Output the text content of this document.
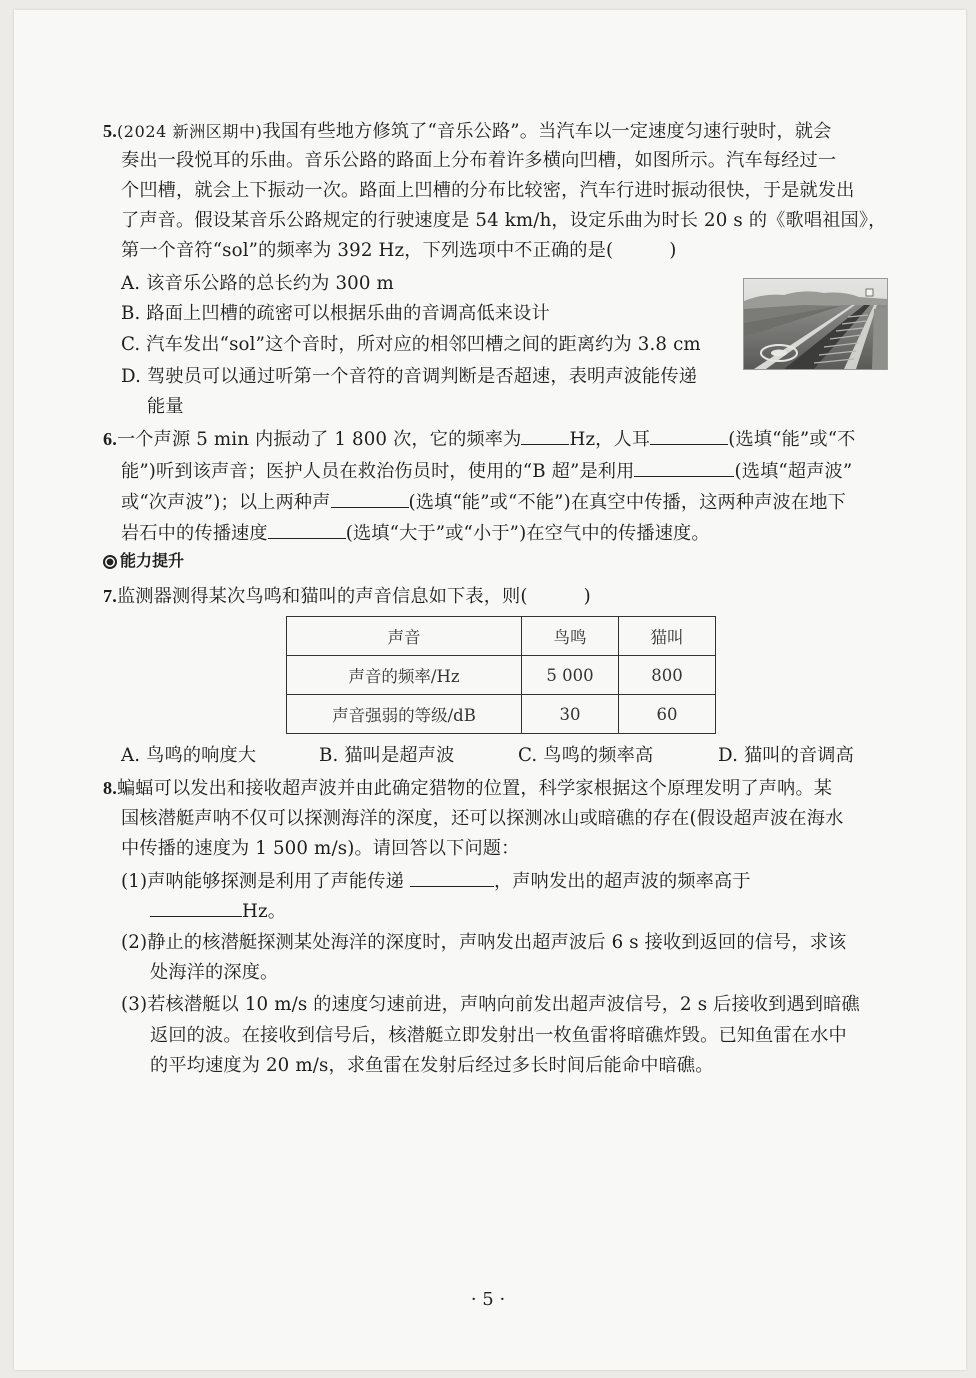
5.(2024 新洲区期中)我国有些地方修筑了“音乐公路”。当汽车以一定速度匀速行驶时，就会
奏出一段悦耳的乐曲。音乐公路的路面上分布着许多横向凹槽，如图所示。汽车每经过一
个凹槽，就会上下振动一次。路面上凹槽的分布比较密，汽车行进时振动很快，于是就发出
了声音。假设某音乐公路规定的行驶速度是 54 km/h，设定乐曲为时长 20 s 的《歌唱祖国》，
第一个音符“sol”的频率为 392 Hz，下列选项中不正确的是(	)
A. 该音乐公路的总长约为 300 m
B. 路面上凹槽的疏密可以根据乐曲的音调高低来设计
C. 汽车发出“sol”这个音时，所对应的相邻凹槽之间的距离约为 3.8 cm
D. 驾驶员可以通过听第一个音符的音调判断是否超速，表明声波能传递
能量
6.一个声源 5 min 内振动了 1 800 次，它的频率为	Hz，人耳	(选填“能”或“不
能”)听到该声音；医护人员在救治伤员时，使用的“B 超”是利用	(选填“超声波”
或“次声波”)；以上两种声	(选填“能”或“不能”)在真空中传播，这两种声波在地下
岩石中的传播速度	(选填“大于”或“小于”)在空气中的传播速度。
能力提升
7.监测器测得某次鸟鸣和猫叫的声音信息如下表，则(	)
声音	鸟鸣	猫叫
声音的频率/Hz	5 000	800
声音强弱的等级/dB	30	60
A. 鸟鸣的响度大	B. 猫叫是超声波	C. 鸟鸣的频率高	D. 猫叫的音调高
8.蝙蝠可以发出和接收超声波并由此确定猎物的位置，科学家根据这个原理发明了声呐。某
国核潜艇声呐不仅可以探测海洋的深度，还可以探测冰山或暗礁的存在(假设超声波在海水
中传播的速度为 1 500 m/s)。请回答以下问题：
(1)声呐能够探测是利用了声能传递	，声呐发出的超声波的频率高于
Hz。
(2)静止的核潜艇探测某处海洋的深度时，声呐发出超声波后 6 s 接收到返回的信号，求该
处海洋的深度。
(3)若核潜艇以 10 m/s 的速度匀速前进，声呐向前发出超声波信号，2 s 后接收到遇到暗礁
返回的波。在接收到信号后，核潜艇立即发射出一枚鱼雷将暗礁炸毁。已知鱼雷在水中
的平均速度为 20 m/s，求鱼雷在发射后经过多长时间后能命中暗礁。
· 5 ·
